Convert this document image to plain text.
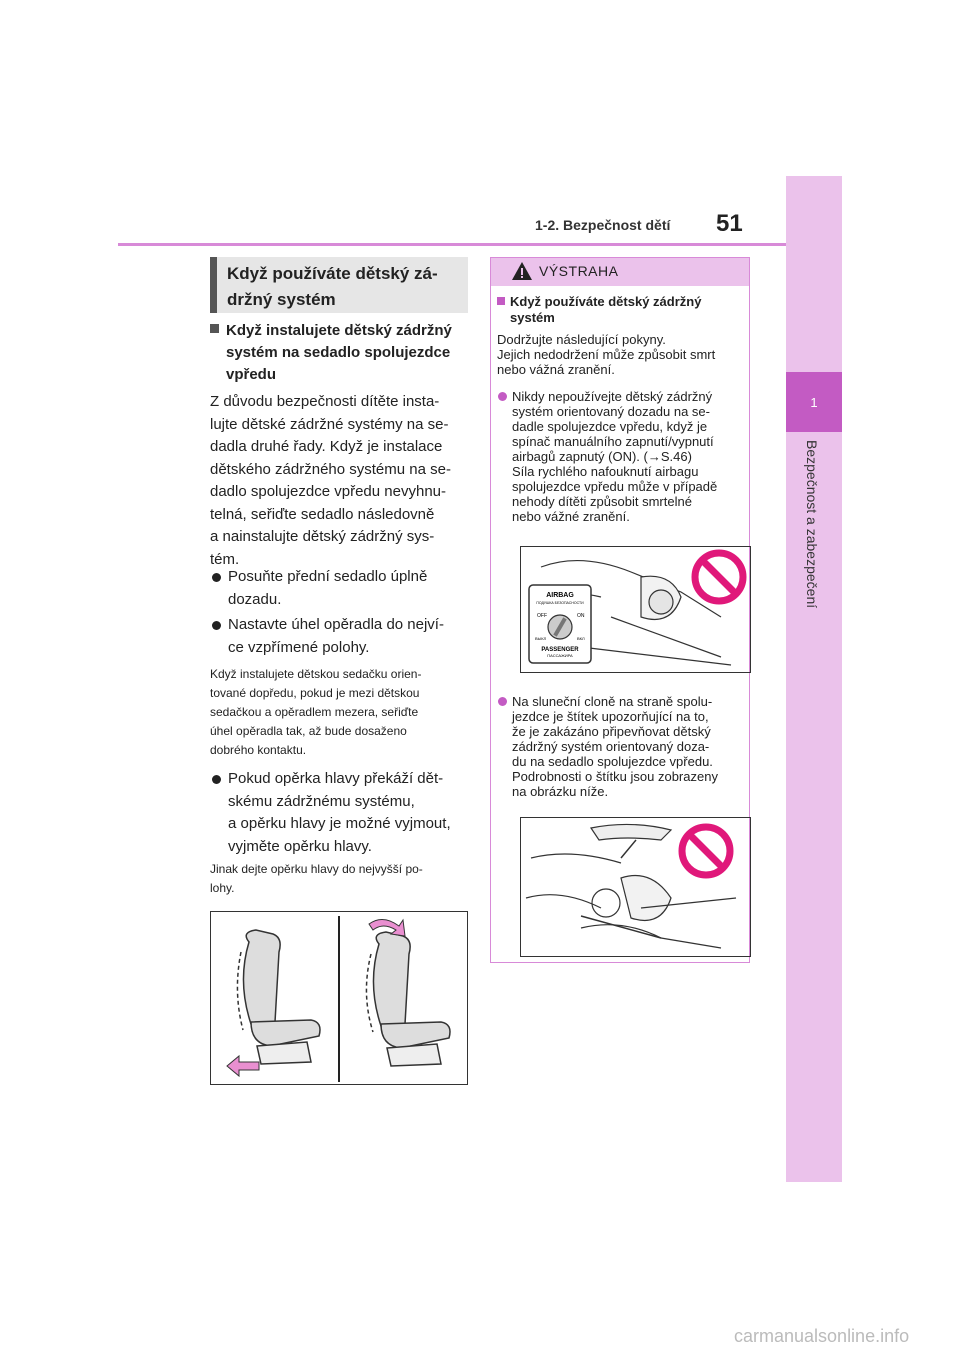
1-2. Bezpečnost dětí 51
1
Bezpečnost a zabezpečení
Když používáte dětský zá-
držný systém
Když instalujete dětský zádržný
systém na sedadlo spolujezdce
vpředu
Z důvodu bezpečnosti dítěte insta-
lujte dětské zádržné systémy na se-
dadla druhé řady. Když je instalace
dětského zádržného systému na se-
dadlo spolujezdce vpředu nevyhnu-
telná, seřiďte sedadlo následovně
a nainstalujte dětský zádržný sys-
tém.
Posuňte přední sedadlo úplně
dozadu.
Nastavte úhel opěradla do nejví-
ce vzpřímené polohy.
Když instalujete dětskou sedačku orien-
tované dopředu, pokud je mezi dětskou
sedačkou a opěradlem mezera, seřiďte
úhel opěradla tak, až bude dosaženo
dobrého kontaktu.
Pokud opěrka hlavy překáží dět-
skému zádržnému systému,
a opěrku hlavy je možné vyjmout,
vyjměte opěrku hlavy.
Jinak dejte opěrku hlavy do nejvyšší po-
lohy.
VÝSTRAHA
Když používáte dětský zádržný
systém
Dodržujte následující pokyny.
Jejich nedodržení může způsobit smrt
nebo vážná zranění.
Nikdy nepoužívejte dětský zádržný
systém orientovaný dozadu na se-
dadle spolujezdce vpředu, když je
spínač manuálního zapnutí/vypnutí
airbagů zapnutý (ON). (→S.46)
Síla rychlého nafouknutí airbagu
spolujezdce vpředu může v případě
nehody dítěti způsobit smrtelné
nebo vážné zranění.
AIRBAG
ПОДУШКА БЕЗОПАСНОСТИ
OFF	ON
ВЫКЛ	ВКЛ
PASSENGER
ПАССАЖИРА
Na sluneční cloně na straně spolu-
jezdce je štítek upozorňující na to,
že je zakázáno připevňovat dětský
zádržný systém orientovaný doza-
du na sedadlo spolujezdce vpředu.
Podrobnosti o štítku jsou zobrazeny
na obrázku níže.
carmanualsonline.info
